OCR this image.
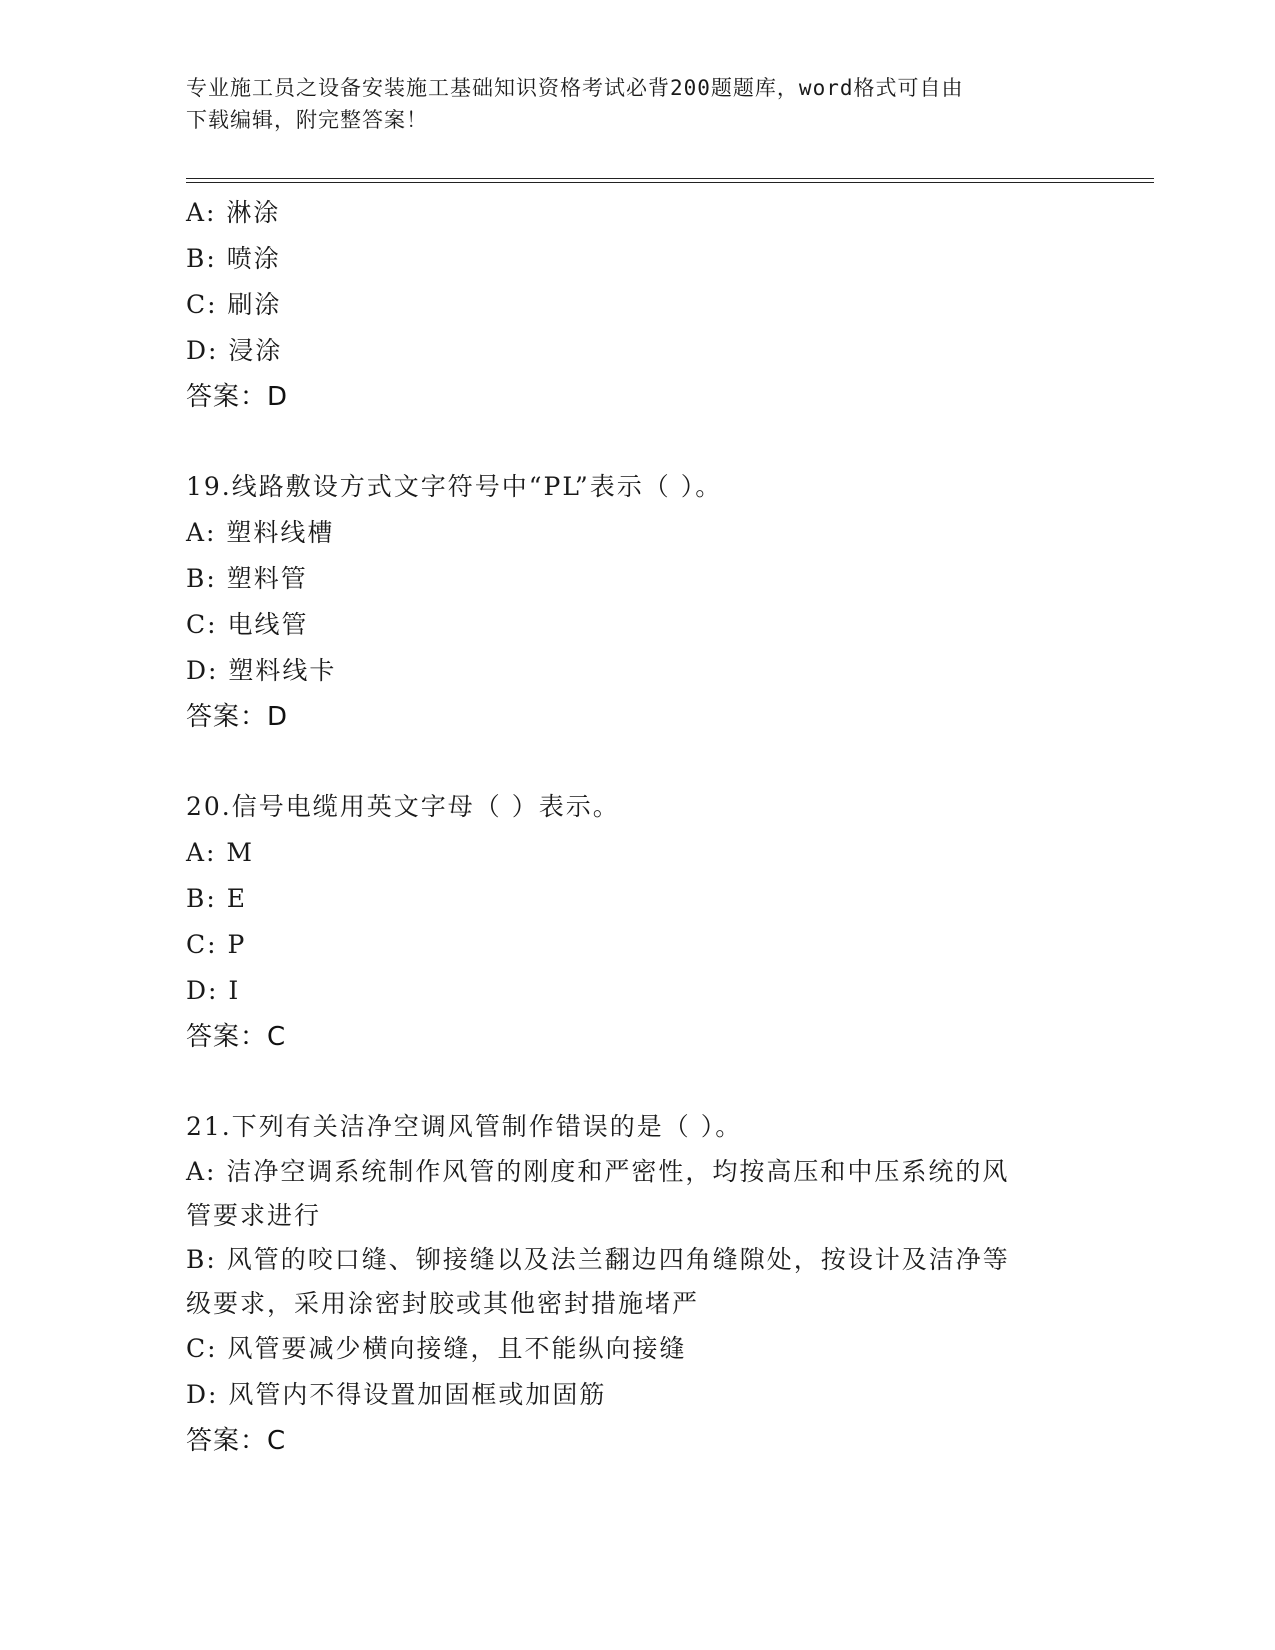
专业施工员之设备安装施工基础知识资格考试必背200题题库，word格式可自由
下载编辑，附完整答案！
A: 淋涂
B: 喷涂
C: 刷涂
D: 浸涂
答案：D
19.线路敷设方式文字符号中“PL”表示（ ）。
A: 塑料线槽
B: 塑料管
C: 电线管
D: 塑料线卡
答案：D
20.信号电缆用英文字母（ ）表示。
A: M
B: E
C: P
D: I
答案：C
21.下列有关洁净空调风管制作错误的是（ ）。
A: 洁净空调系统制作风管的刚度和严密性，均按高压和中压系统的风
管要求进行
B: 风管的咬口缝、铆接缝以及法兰翻边四角缝隙处，按设计及洁净等
级要求，采用涂密封胶或其他密封措施堵严
C: 风管要减少横向接缝，且不能纵向接缝
D: 风管内不得设置加固框或加固筋
答案：C
